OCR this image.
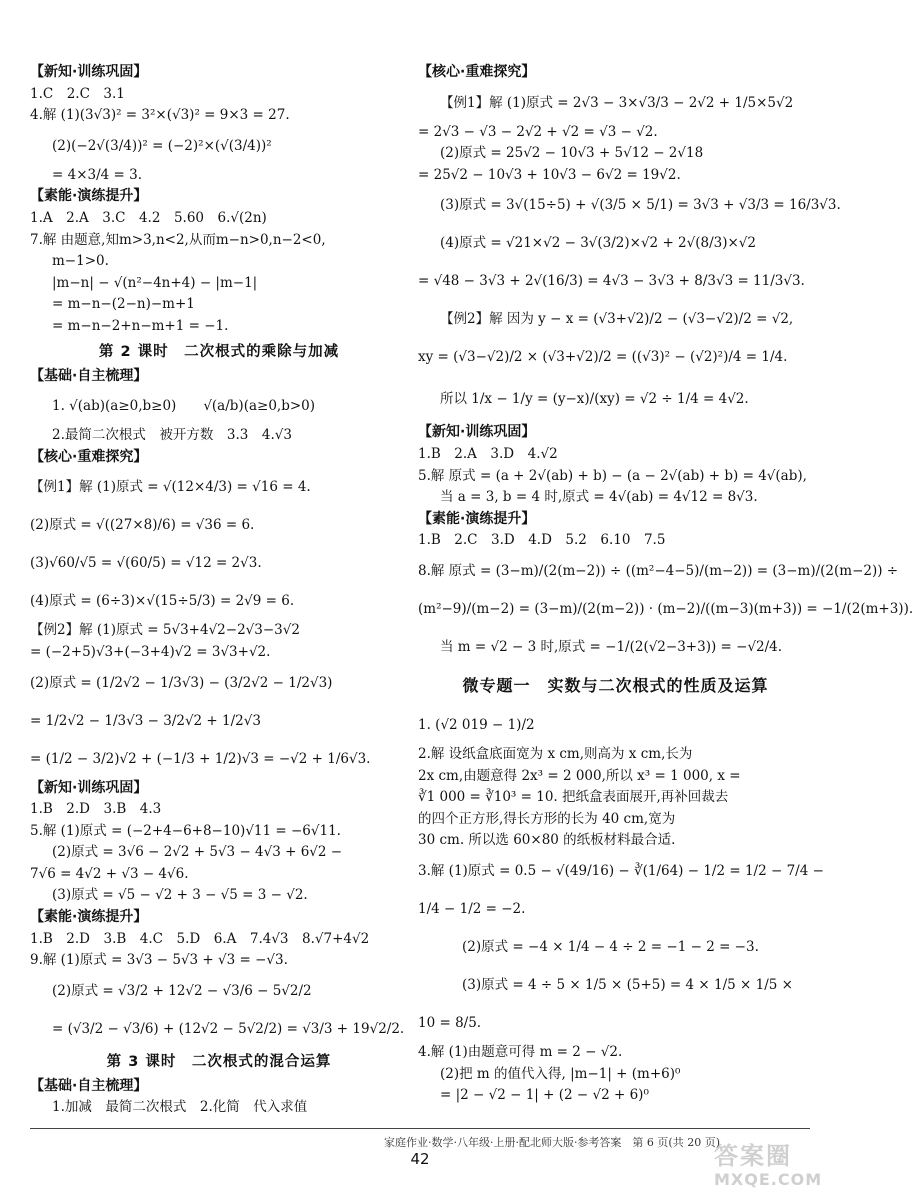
【新知·训练巩固】
1.C　2.C　3.1
4.解 (1)(3√3)² = 3²×(√3)² = 9×3 = 27.
(2)(−2√(3/4))² = (−2)²×(√(3/4))²
= 4×3/4 = 3.
【素能·演练提升】
1.A　2.A　3.C　4.2　5.60　6.√(2n)
7.解 由题意,知m>3,n<2,从而m−n>0,n−2<0,
m−1>0.
|m−n| − √(n²−4n+4) − |m−1|
= m−n−(2−n)−m+1
= m−n−2+n−m+1 = −1.
第 2 课时　二次根式的乘除与加减
【基础·自主梳理】
1. √(ab)(a≥0,b≥0)　　√(a/b)(a≥0,b>0)
2.最简二次根式　被开方数　3.3　4.√3
【核心·重难探究】
【例1】解 (1)原式 = √(12×4/3) = √16 = 4.
(2)原式 = √((27×8)/6) = √36 = 6.
(3)√60/√5 = √(60/5) = √12 = 2√3.
(4)原式 = (6÷3)×√(15÷5/3) = 2√9 = 6.
【例2】解 (1)原式 = 5√3+4√2−2√3−3√2
= (−2+5)√3+(−3+4)√2 = 3√3+√2.
(2)原式 = (1/2√2 − 1/3√3) − (3/2√2 − 1/2√3)
= 1/2√2 − 1/3√3 − 3/2√2 + 1/2√3
= (1/2 − 3/2)√2 + (−1/3 + 1/2)√3 = −√2 + 1/6√3.
【新知·训练巩固】
1.B　2.D　3.B　4.3
5.解 (1)原式 = (−2+4−6+8−10)√11 = −6√11.
(2)原式 = 3√6 − 2√2 + 5√3 − 4√3 + 6√2 −
7√6 = 4√2 + √3 − 4√6.
(3)原式 = √5 − √2 + 3 − √5 = 3 − √2.
【素能·演练提升】
1.B　2.D　3.B　4.C　5.D　6.A　7.4√3　8.√7+4√2
9.解 (1)原式 = 3√3 − 5√3 + √3 = −√3.
(2)原式 = √3/2 + 12√2 − √3/6 − 5√2/2
= (√3/2 − √3/6) + (12√2 − 5√2/2) = √3/3 + 19√2/2.
第 3 课时　二次根式的混合运算
【基础·自主梳理】
1.加减　最简二次根式　2.化简　代入求值
【核心·重难探究】
【例1】解 (1)原式 = 2√3 − 3×√3/3 − 2√2 + 1/5×5√2
= 2√3 − √3 − 2√2 + √2 = √3 − √2.
(2)原式 = 25√2 − 10√3 + 5√12 − 2√18
= 25√2 − 10√3 + 10√3 − 6√2 = 19√2.
(3)原式 = 3√(15÷5) + √(3/5 × 5/1) = 3√3 + √3/3 = 16/3√3.
(4)原式 = √21×√2 − 3√(3/2)×√2 + 2√(8/3)×√2
= √48 − 3√3 + 2√(16/3) = 4√3 − 3√3 + 8/3√3 = 11/3√3.
【例2】解 因为 y − x = (√3+√2)/2 − (√3−√2)/2 = √2,
xy = (√3−√2)/2 × (√3+√2)/2 = ((√3)² − (√2)²)/4 = 1/4.
所以 1/x − 1/y = (y−x)/(xy) = √2 ÷ 1/4 = 4√2.
【新知·训练巩固】
1.B　2.A　3.D　4.√2
5.解 原式 = (a + 2√(ab) + b) − (a − 2√(ab) + b) = 4√(ab),
当 a = 3, b = 4 时,原式 = 4√(ab) = 4√12 = 8√3.
【素能·演练提升】
1.B　2.C　3.D　4.D　5.2　6.10　7.5
8.解 原式 = (3−m)/(2(m−2)) ÷ ((m²−4−5)/(m−2)) = (3−m)/(2(m−2)) ÷
(m²−9)/(m−2) = (3−m)/(2(m−2)) · (m−2)/((m−3)(m+3)) = −1/(2(m+3)).
当 m = √2 − 3 时,原式 = −1/(2(√2−3+3)) = −√2/4.
微专题一　实数与二次根式的性质及运算
1. (√2 019 − 1)/2
2.解 设纸盒底面宽为 x cm,则高为 x cm,长为
2x cm,由题意得 2x³ = 2 000,所以 x³ = 1 000, x =
∛1 000 = ∛10³ = 10. 把纸盒表面展开,再补回裁去
的四个正方形,得长方形的长为 40 cm,宽为
30 cm. 所以选 60×80 的纸板材料最合适.
3.解 (1)原式 = 0.5 − √(49/16) − ∛(1/64) − 1/2 = 1/2 − 7/4 −
1/4 − 1/2 = −2.
(2)原式 = −4 × 1/4 − 4 ÷ 2 = −1 − 2 = −3.
(3)原式 = 4 ÷ 5 × 1/5 × (5+5) = 4 × 1/5 × 1/5 ×
10 = 8/5.
4.解 (1)由题意可得 m = 2 − √2.
(2)把 m 的值代入得, |m−1| + (m+6)⁰
= |2 − √2 − 1| + (2 − √2 + 6)⁰
家庭作业·数学·八年级·上册·配北师大版·参考答案　第 6 页(共 20 页)
42	答案圈
MXQE.COM
